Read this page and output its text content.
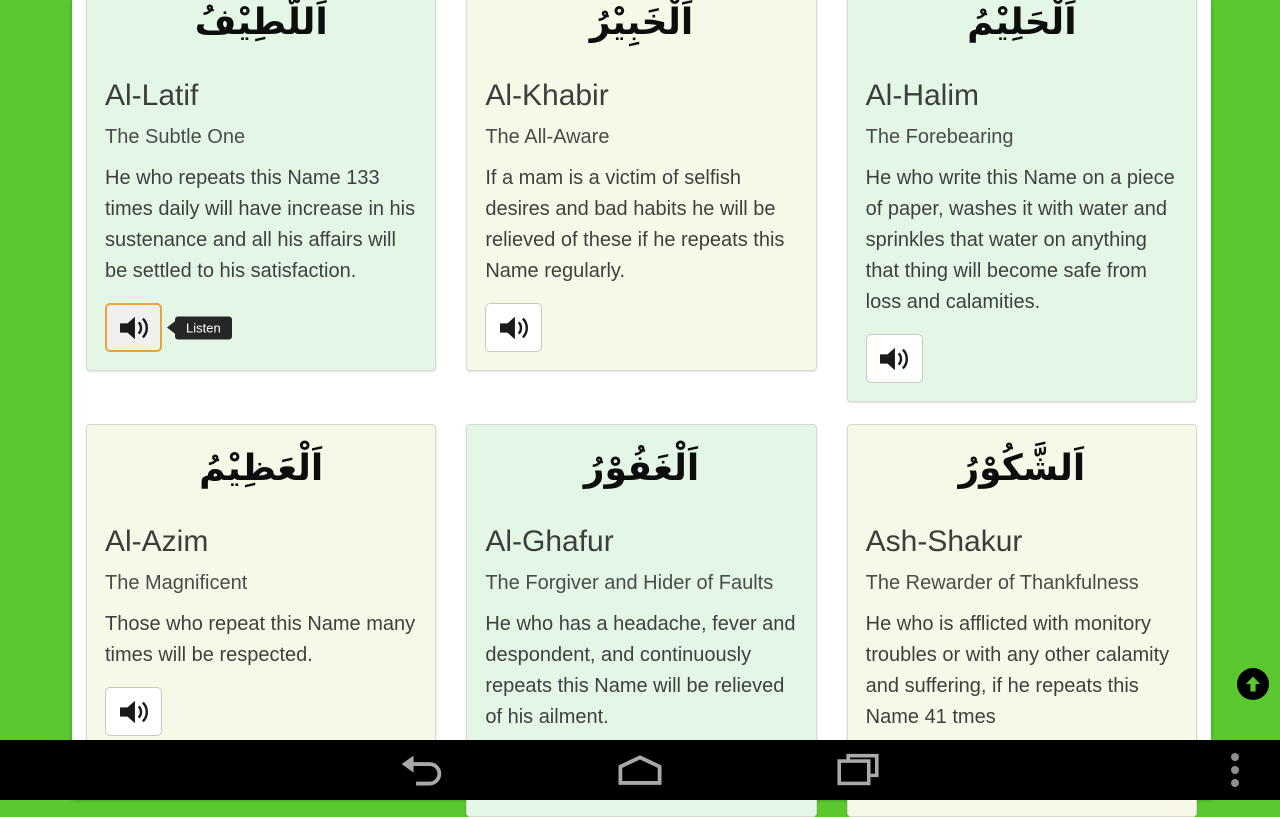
اَللَّطِيْفُ
Al-Latif
The Subtle One
He who repeats this Name 133 times daily will have increase in his sustenance and all his affairs will be settled to his satisfaction.
Listen
اَلْخَبِيْرُ
Al-Khabir
The All-Aware
If a mam is a victim of selfish desires and bad habits he will be relieved of these if he repeats this Name regularly.
اَلْحَلِيْمُ
Al-Halim
The Forebearing
He who write this Name on a piece of paper, washes it with water and sprinkles that water on anything that thing will become safe from loss and calamities.
اَلْعَظِيْمُ
Al-Azim
The Magnificent
Those who repeat this Name many times will be respected.
اَلْغَفُوْرُ
Al-Ghafur
The Forgiver and Hider of Faults
He who has a headache, fever and despondent, and continuously repeats this Name will be relieved of his ailment.
اَلشَّكُوْرُ
Ash-Shakur
The Rewarder of Thankfulness
He who is afflicted with monitory troubles or with any other calamity and suffering, if he repeats this Name 41 tmes
